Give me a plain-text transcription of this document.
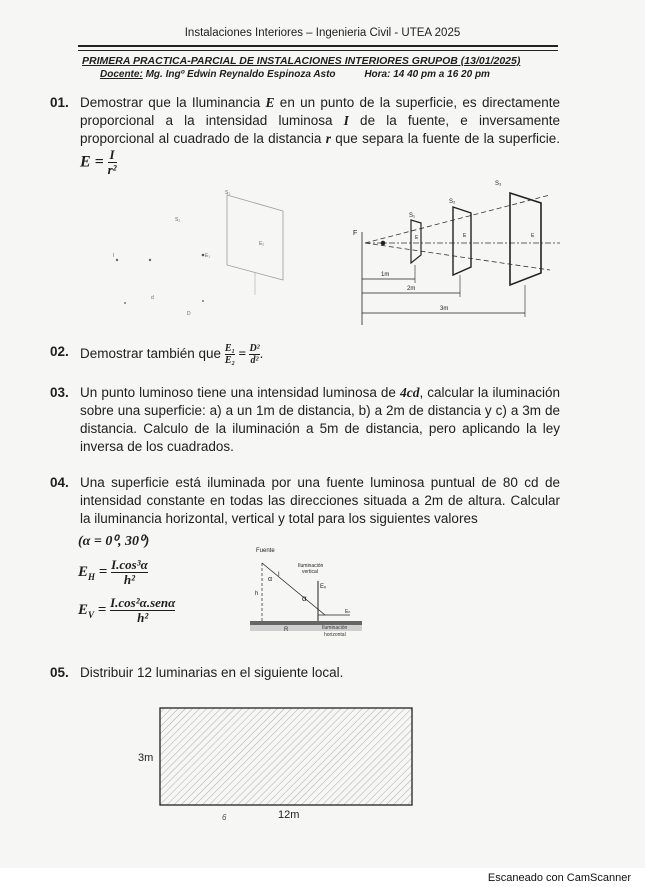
Instalaciones Interiores – Ingenieria Civil - UTEA 2025
PRIMERA PRACTICA-PARCIAL DE INSTALACIONES INTERIORES GRUPOB (13/01/2025)
Docente: Mg. Ingº Edwin Reynaldo Espinoza Asto	Hora: 14 40 pm a 16 20 pm
01. Demostrar que la Iluminancia E en un punto de la superficie, es directamente proporcional a la intensidad luminosa I de la fuente, e inversamente proporcional al cuadrado de la distancia r que separa la fuente de la superficie. $E = \frac{I}{\text{r²}}$
S₁
S₂
E₂
I	E₁
d
D
F
S₁
S₂
S₃
E	E	E
1m
2m
3m
02. Demostrar también que $\frac{\text{E₁}}{\text{E₂}} = \frac{\text{D²}}{\text{d²}}$ .
03. Un punto luminoso tiene una intensidad luminosa de 4cd, calcular la iluminación sobre una superficie: a) a un 1m de distancia, b) a 2m de distancia y c) a 3m de distancia. Calculo de la iluminación a 5m de distancia, pero aplicando la ley inversa de los cuadrados.
04. Una superficie está iluminada por una fuente luminosa puntual de 80 cd de intensidad constante en todas las direcciones situada a 2m de altura. Calcular la iluminancia horizontal, vertical y total para los siguientes valores
(α = 0⁰, 30⁰)
$E_H = \frac{\text{I.cos³α}}{\text{h²}}$
$E_V = \frac{\text{I.cos²α.senα}}{\text{h²}}$
Fuente
Iluminación
vertical
h
α
α
I
Eᵥ
Eₕ
R	Iluminación
horizontal
05. Distribuir 12 luminarias en el siguiente local.
3m
12m
6
Escaneado con CamScanner
